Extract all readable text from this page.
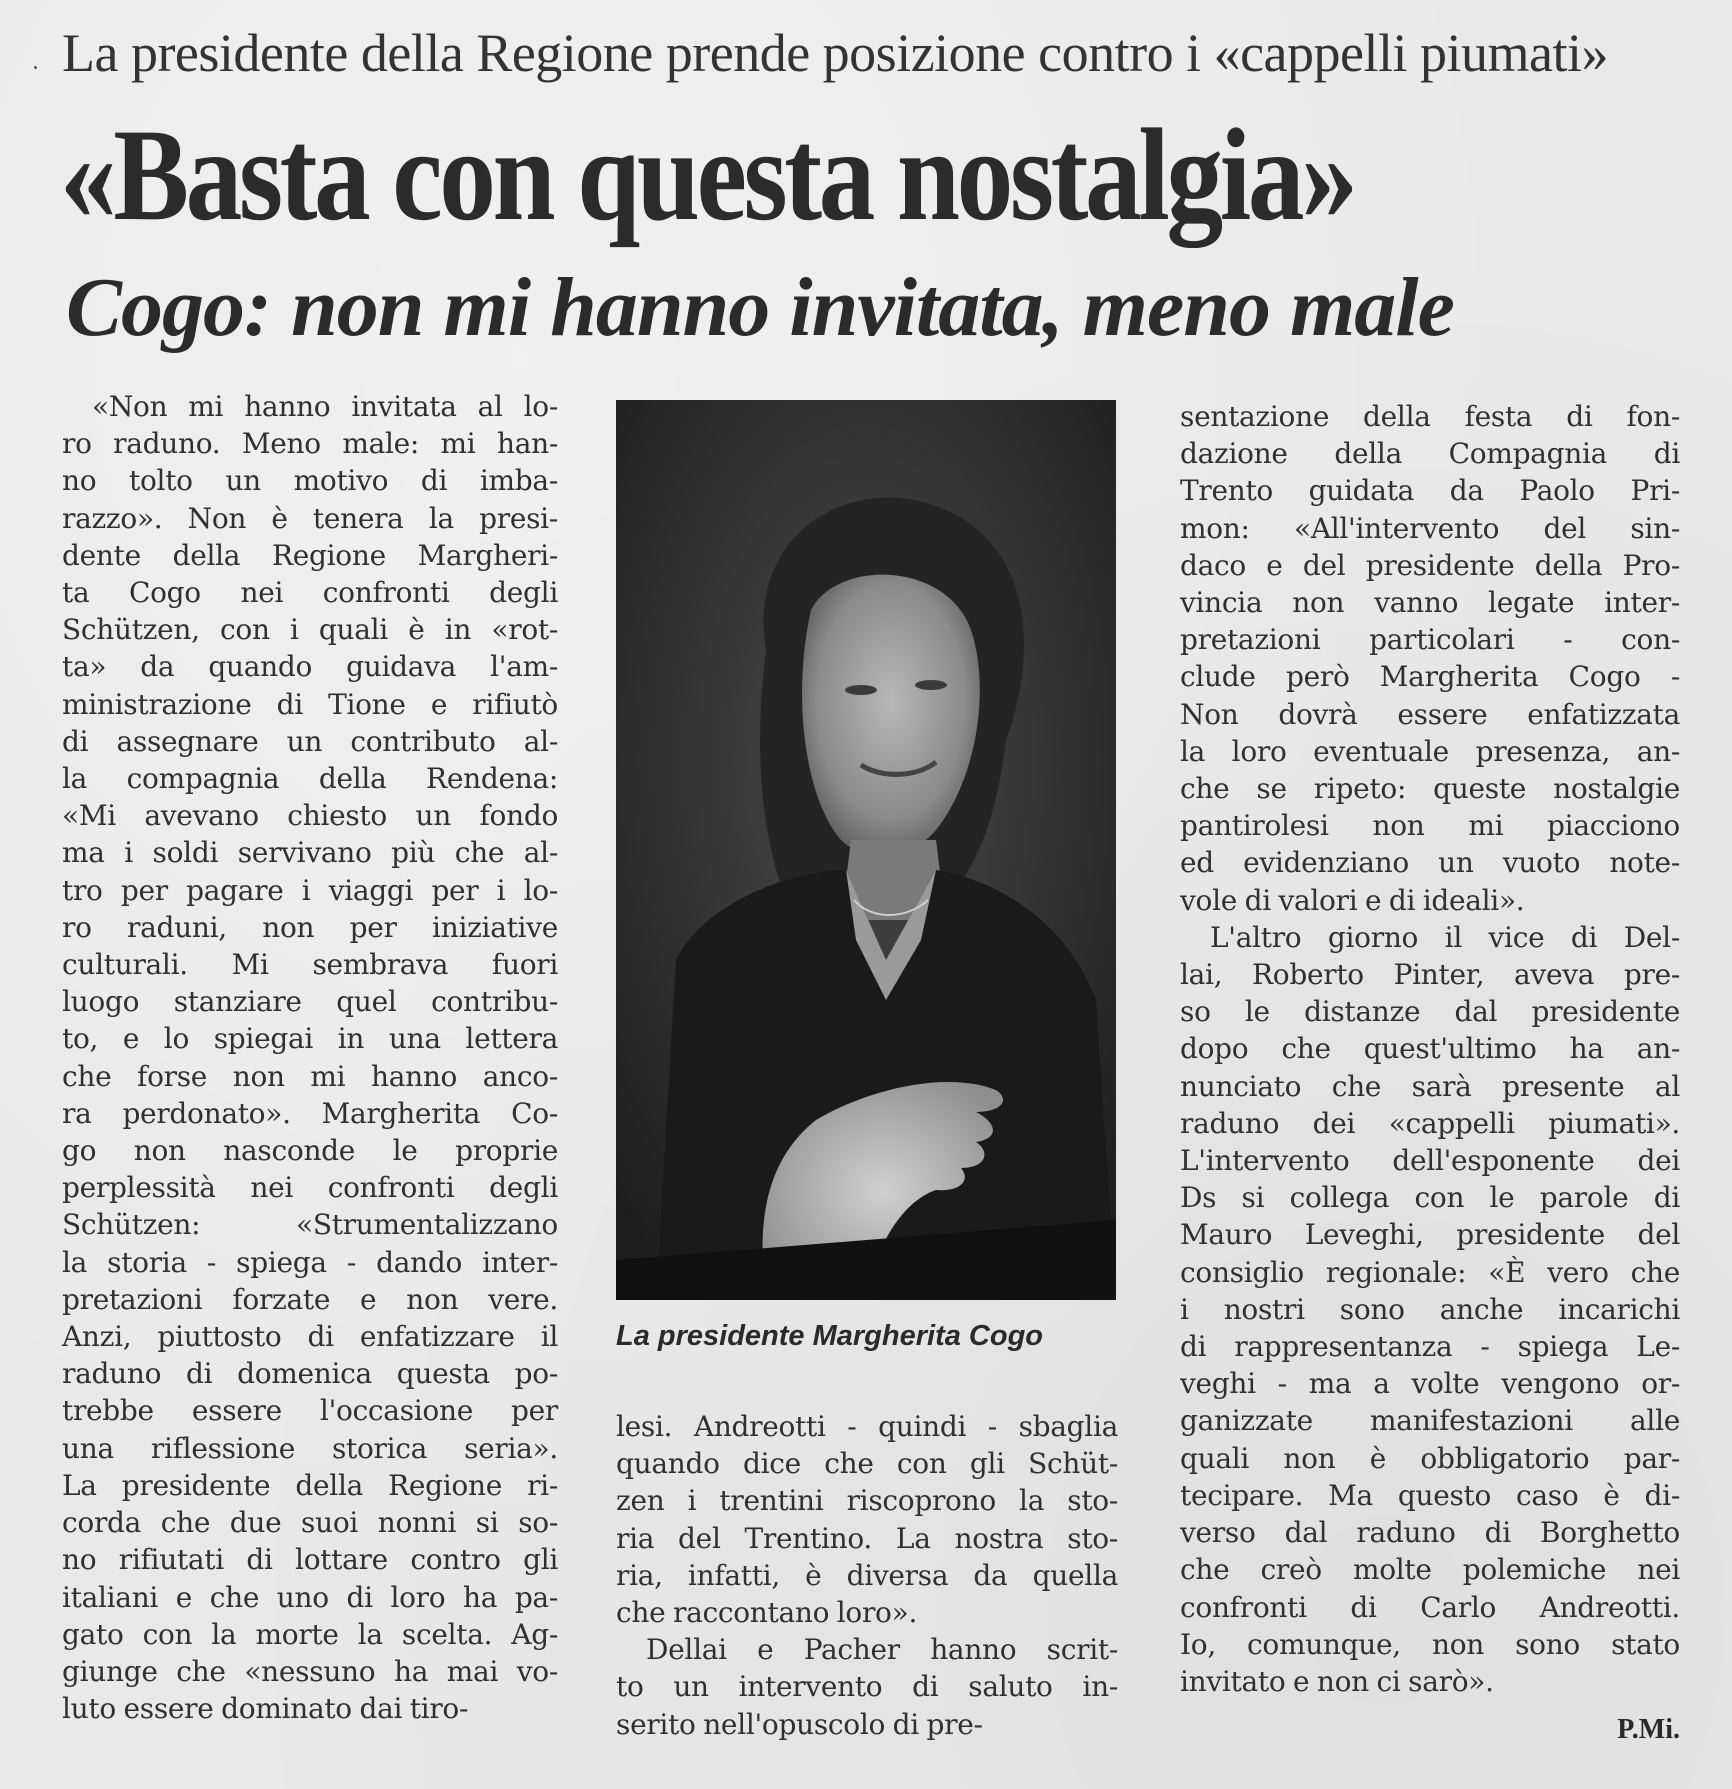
La presidente della Regione prende posizione contro i «cappelli piumati»
«Basta con questa nostalgia»
Cogo: non mi hanno invitata, meno male
«Non mi hanno invitata al lo-
ro raduno. Meno male: mi han-
no tolto un motivo di imba-
razzo». Non è tenera la presi-
dente della Regione Margheri-
ta Cogo nei confronti degli
Schützen, con i quali è in «rot-
ta» da quando guidava l'am-
ministrazione di Tione e rifiutò
di assegnare un contributo al-
la compagnia della Rendena:
«Mi avevano chiesto un fondo
ma i soldi servivano più che al-
tro per pagare i viaggi per i lo-
ro raduni, non per iniziative
culturali. Mi sembrava fuori
luogo stanziare quel contribu-
to, e lo spiegai in una lettera
che forse non mi hanno anco-
ra perdonato». Margherita Co-
go non nasconde le proprie
perplessità nei confronti degli
Schützen: «Strumentalizzano
la storia - spiega - dando inter-
pretazioni forzate e non vere.
Anzi, piuttosto di enfatizzare il
raduno di domenica questa po-
trebbe essere l'occasione per
una riflessione storica seria».
La presidente della Regione ri-
corda che due suoi nonni si so-
no rifiutati di lottare contro gli
italiani e che uno di loro ha pa-
gato con la morte la scelta. Ag-
giunge che «nessuno ha mai vo-
luto essere dominato dai tiro-
La presidente Margherita Cogo
lesi. Andreotti - quindi - sbaglia
quando dice che con gli Schüt-
zen i trentini riscoprono la sto-
ria del Trentino. La nostra sto-
ria, infatti, è diversa da quella
che raccontano loro».
Dellai e Pacher hanno scrit-
to un intervento di saluto in-
serito nell'opuscolo di pre-
sentazione della festa di fon-
dazione della Compagnia di
Trento guidata da Paolo Pri-
mon: «All'intervento del sin-
daco e del presidente della Pro-
vincia non vanno legate inter-
pretazioni particolari - con-
clude però Margherita Cogo -
Non dovrà essere enfatizzata
la loro eventuale presenza, an-
che se ripeto: queste nostalgie
pantirolesi non mi piacciono
ed evidenziano un vuoto note-
vole di valori e di ideali».
L'altro giorno il vice di Del-
lai, Roberto Pinter, aveva pre-
so le distanze dal presidente
dopo che quest'ultimo ha an-
nunciato che sarà presente al
raduno dei «cappelli piumati».
L'intervento dell'esponente dei
Ds si collega con le parole di
Mauro Leveghi, presidente del
consiglio regionale: «È vero che
i nostri sono anche incarichi
di rappresentanza - spiega Le-
veghi - ma a volte vengono or-
ganizzate manifestazioni alle
quali non è obbligatorio par-
tecipare. Ma questo caso è di-
verso dal raduno di Borghetto
che creò molte polemiche nei
confronti di Carlo Andreotti.
Io, comunque, non sono stato
invitato e non ci sarò».
P.Mi.
